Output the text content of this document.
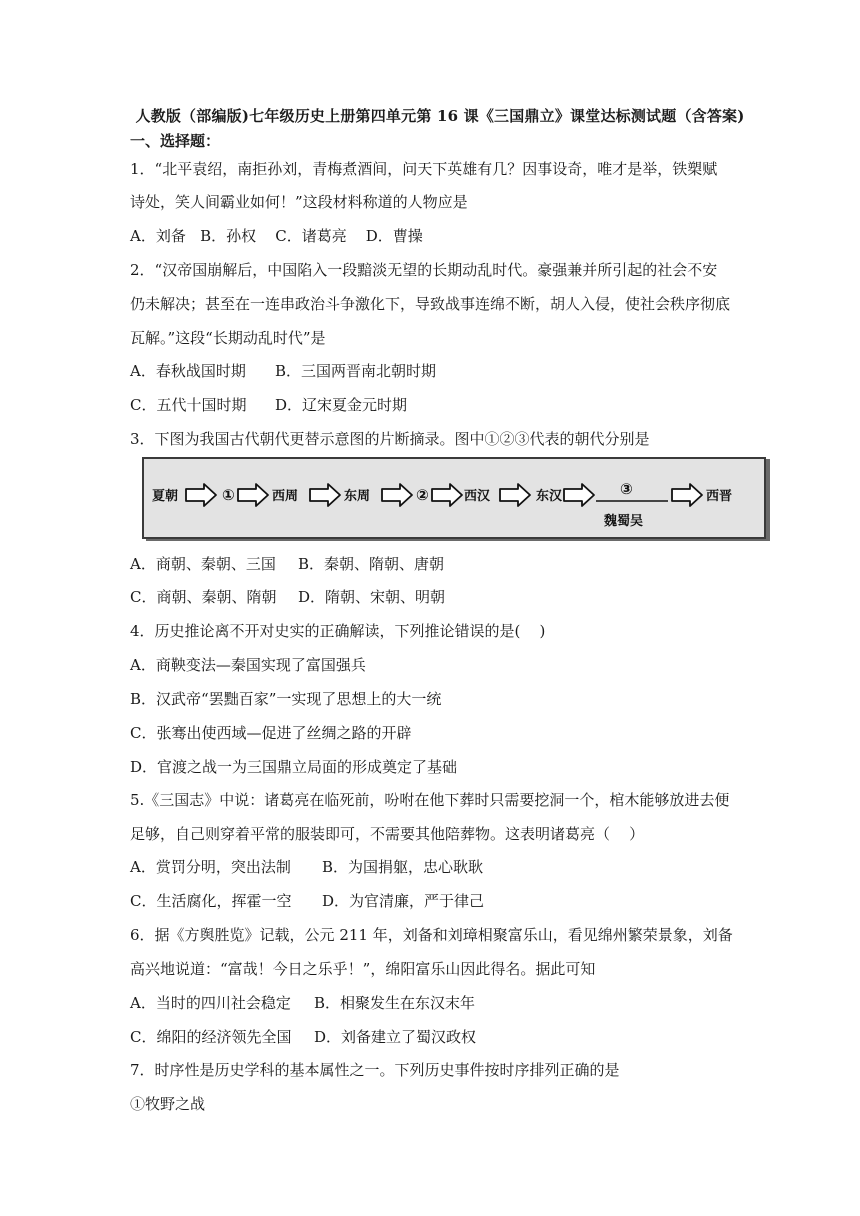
人教版（部编版)七年级历史上册第四单元第 16 课《三国鼎立》课堂达标测试题（含答案)
一、选择题：
1．“北平袁绍，南拒孙刘，青梅煮酒间，问天下英雄有几？因事设奇，唯才是举，铁槊赋
诗处，笑人间霸业如何！”这段材料称道的人物应是
A．刘备   B．孙权    C．诸葛亮    D．曹操
2．“汉帝国崩解后，中国陷入一段黯淡无望的长期动乱时代。豪强兼并所引起的社会不安
仍未解决；甚至在一连串政治斗争激化下，导致战事连绵不断，胡人入侵，使社会秩序彻底
瓦解。”这段“长期动乱时代”是
A．春秋战国时期 B．三国两晋南北朝时期
C．五代十国时期 D．辽宋夏金元时期
3．下图为我国古代朝代更替示意图的片断摘录。图中①②③代表的朝代分别是
夏朝	①	西周	东周	②	西汉	东汉	③
魏蜀吴
西晋
A．商朝、秦朝、三国 B．秦朝、隋朝、唐朝
C．商朝、秦朝、隋朝 D．隋朝、宋朝、明朝
4．历史推论离不开对史实的正确解读，下列推论错误的是(    )
A．商鞅变法—秦国实现了富国强兵
B．汉武帝“罢黜百家”一实现了思想上的大一统
C．张骞出使西域—促进了丝绸之路的开辟
D．官渡之战一为三国鼎立局面的形成奠定了基础
5.《三国志》中说：诸葛亮在临死前，吩咐在他下葬时只需要挖洞一个，棺木能够放进去便
足够，自己则穿着平常的服装即可，不需要其他陪葬物。这表明诸葛亮（    ）
A．赏罚分明，突出法制 B．为国捐躯，忠心耿耿
C．生活腐化，挥霍一空 D．为官清廉，严于律己
6．据《方舆胜览》记载，公元 211 年，刘备和刘璋相聚富乐山，看见绵州繁荣景象，刘备
高兴地说道：“富哉！今日之乐乎！”，绵阳富乐山因此得名。据此可知
A．当时的四川社会稳定 B．相聚发生在东汉末年
C．绵阳的经济领先全国 D．刘备建立了蜀汉政权
7．时序性是历史学科的基本属性之一。下列历史事件按时序排列正确的是
①牧野之战
